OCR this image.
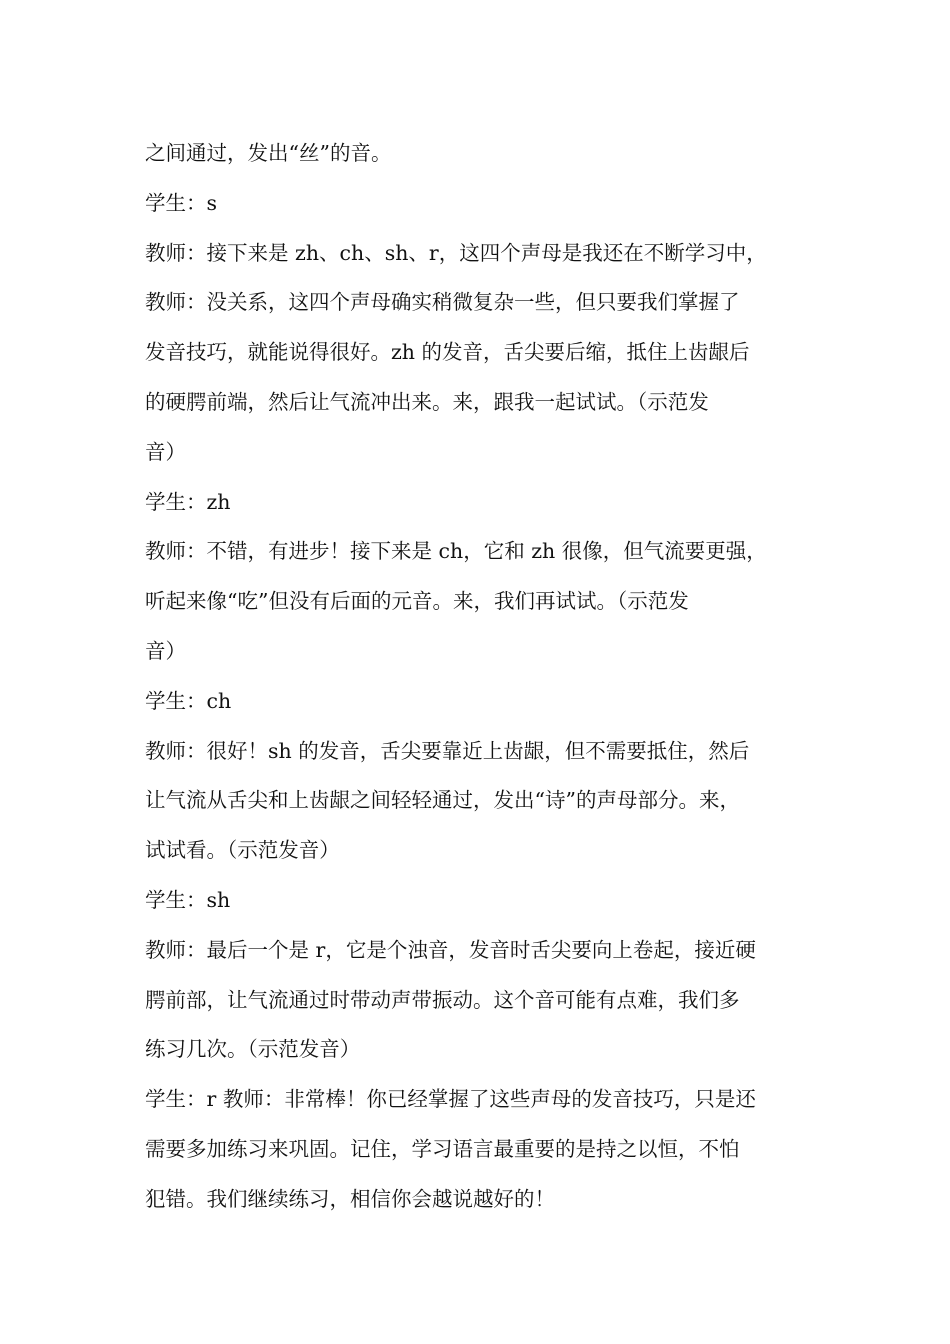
之间通过，发出“丝”的音。
学生：s
教师：接下来是 zh、ch、sh、r，这四个声母是我还在不断学习中，
教师：没关系，这四个声母确实稍微复杂一些，但只要我们掌握了
发音技巧，就能说得很好。zh 的发音，舌尖要后缩，抵住上齿龈后
的硬腭前端，然后让气流冲出来。来，跟我一起试试。（示范发
音）
学生：zh
教师：不错，有进步！接下来是 ch，它和 zh 很像，但气流要更强，
听起来像“吃”但没有后面的元音。来，我们再试试。（示范发
音）
学生：ch
教师：很好！sh 的发音，舌尖要靠近上齿龈，但不需要抵住，然后
让气流从舌尖和上齿龈之间轻轻通过，发出“诗”的声母部分。来，
试试看。（示范发音）
学生：sh
教师：最后一个是 r，它是个浊音，发音时舌尖要向上卷起，接近硬
腭前部，让气流通过时带动声带振动。这个音可能有点难，我们多
练习几次。（示范发音）
学生：r 教师：非常棒！你已经掌握了这些声母的发音技巧，只是还
需要多加练习来巩固。记住，学习语言最重要的是持之以恒，不怕
犯错。我们继续练习，相信你会越说越好的！
